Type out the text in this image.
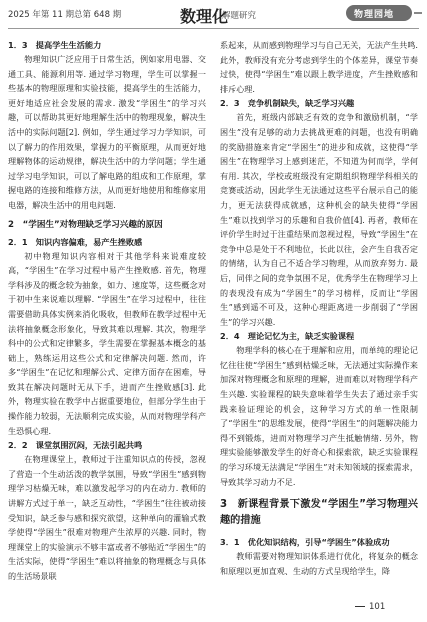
2025 年第 11 期总第 648 期	数理化
解题研究	物理园地
1．3　提高学生生活能力

物理知识广泛应用于日常生活，例如家用电器、交通工具、能源利用等. 通过学习物理，学生可以掌握一些基本的物理原理和实验技能，提高学生的生活能力，更好地适应社会发展的需求. 激发“学困生”的学习兴趣，可以帮助其更好地理解生活中的物理现象，解决生活中的实际问题[2]. 例如，学生通过学习力学知识，可以了解力的作用效果，掌握力的平衡原理，从而更好地理解物体的运动规律，解决生活中的力学问题；学生通过学习电学知识，可以了解电路的组成和工作原理，掌握电路的连接和维修方法，从而更好地使用和维修家用电器，解决生活中的用电问题.

2　“学困生”对物理缺乏学习兴趣的原因
2．1　知识内容偏难，易产生挫败感

初中物理知识内容相对于其他学科来说难度较高，“学困生”在学习过程中易产生挫败感. 首先，物理学科涉及的概念较为抽象，如力、速度等，这些概念对于初中生来说难以理解. “学困生”在学习过程中，往往需要借助具体实例来消化吸收，但教师在教学过程中无法将抽象概念形象化，导致其难以理解. 其次，物理学科中的公式和定律繁多，学生需要在掌握基本概念的基础上，熟练运用这些公式和定律解决问题. 然而，许多“学困生”在记忆和理解公式、定律方面存在困难，导致其在解决问题时无从下手，进而产生挫败感[3]. 此外，物理实验在教学中占据重要地位，但部分学生由于操作能力较弱，无法顺利完成实验，从而对物理学科产生恐惧心理.

2．2　课堂氛围沉闷，无法引起共鸣

在物理课堂上，教师过于注重知识点的传授，忽视了营造一个生动活泼的教学氛围，导致“学困生”感到物理学习枯燥无味，难以激发起学习的内在动力. 教师的讲解方式过于单一，缺乏互动性，“学困生”往往被动接受知识，缺乏参与感和探究欲望，这种单向的灌输式教学使得“学困生”很难对物理产生浓厚的兴趣. 同时，物理课堂上的实验演示不够丰富或者不够贴近“学困生”的生活实际，使得“学困生”难以将抽象的物理概念与具体的生活场景联

系起来，从而感到物理学习与自己无关，无法产生共鸣. 此外，教师没有充分考虑到学生的个体差异，课堂节奏过快，使得“学困生”难以跟上教学进度，产生挫败感和排斥心理.

2．3　竞争机制缺失，缺乏学习兴趣

首先，班级内部缺乏有效的竞争和激励机制，“学困生”没有足够的动力去挑战更难的问题，也没有明确的奖励措施来肯定“学困生”的进步和成就，这使得“学困生”在物理学习上感到迷茫，不知道为何而学，学何有用. 其次，学校或班级没有定期组织物理学科相关的竞赛或活动，因此学生无法通过这些平台展示自己的能力，更无法获得成就感，这种机会的缺失使得“学困生”难以找到学习的乐趣和自我价值[4]. 再者，教师在评价学生时过于注重结果而忽视过程，导致“学困生”在竞争中总是处于不利地位，长此以往，会产生自我否定的情绪，认为自己不适合学习物理，从而放弃努力. 最后，同伴之间的竞争氛围不足，优秀学生在物理学习上的表现没有成为“学困生”的学习榜样，反而让“学困生”感到遥不可及，这种心理距离进一步削弱了“学困生”的学习兴趣.

2．4　理论记忆为主，缺乏实验课程

物理学科的核心在于理解和应用，而单纯的理论记忆往往使“学困生”感到枯燥乏味，无法通过实际操作来加深对物理概念和原理的理解，进而难以对物理学科产生兴趣. 实验课程的缺失意味着学生失去了通过亲手实践来验证理论的机会，这种学习方式的单一性限制了“学困生”的思维发展，使得“学困生”的问题解决能力得不到锻炼，进而对物理学习产生抵触情绪. 另外，物理实验能够激发学生的好奇心和探索欲，缺乏实验课程的学习环境无法满足“学困生”对未知领域的探索需求，导致其学习动力不足.

3　新课程背景下激发“学困生”学习物理兴趣的措施
3．1　优化知识结构，引导“学困生”体验成功

教师需要对物理知识体系进行优化，将复杂的概念和原理以更加直观、生动的方式呈现给学生，降

101
